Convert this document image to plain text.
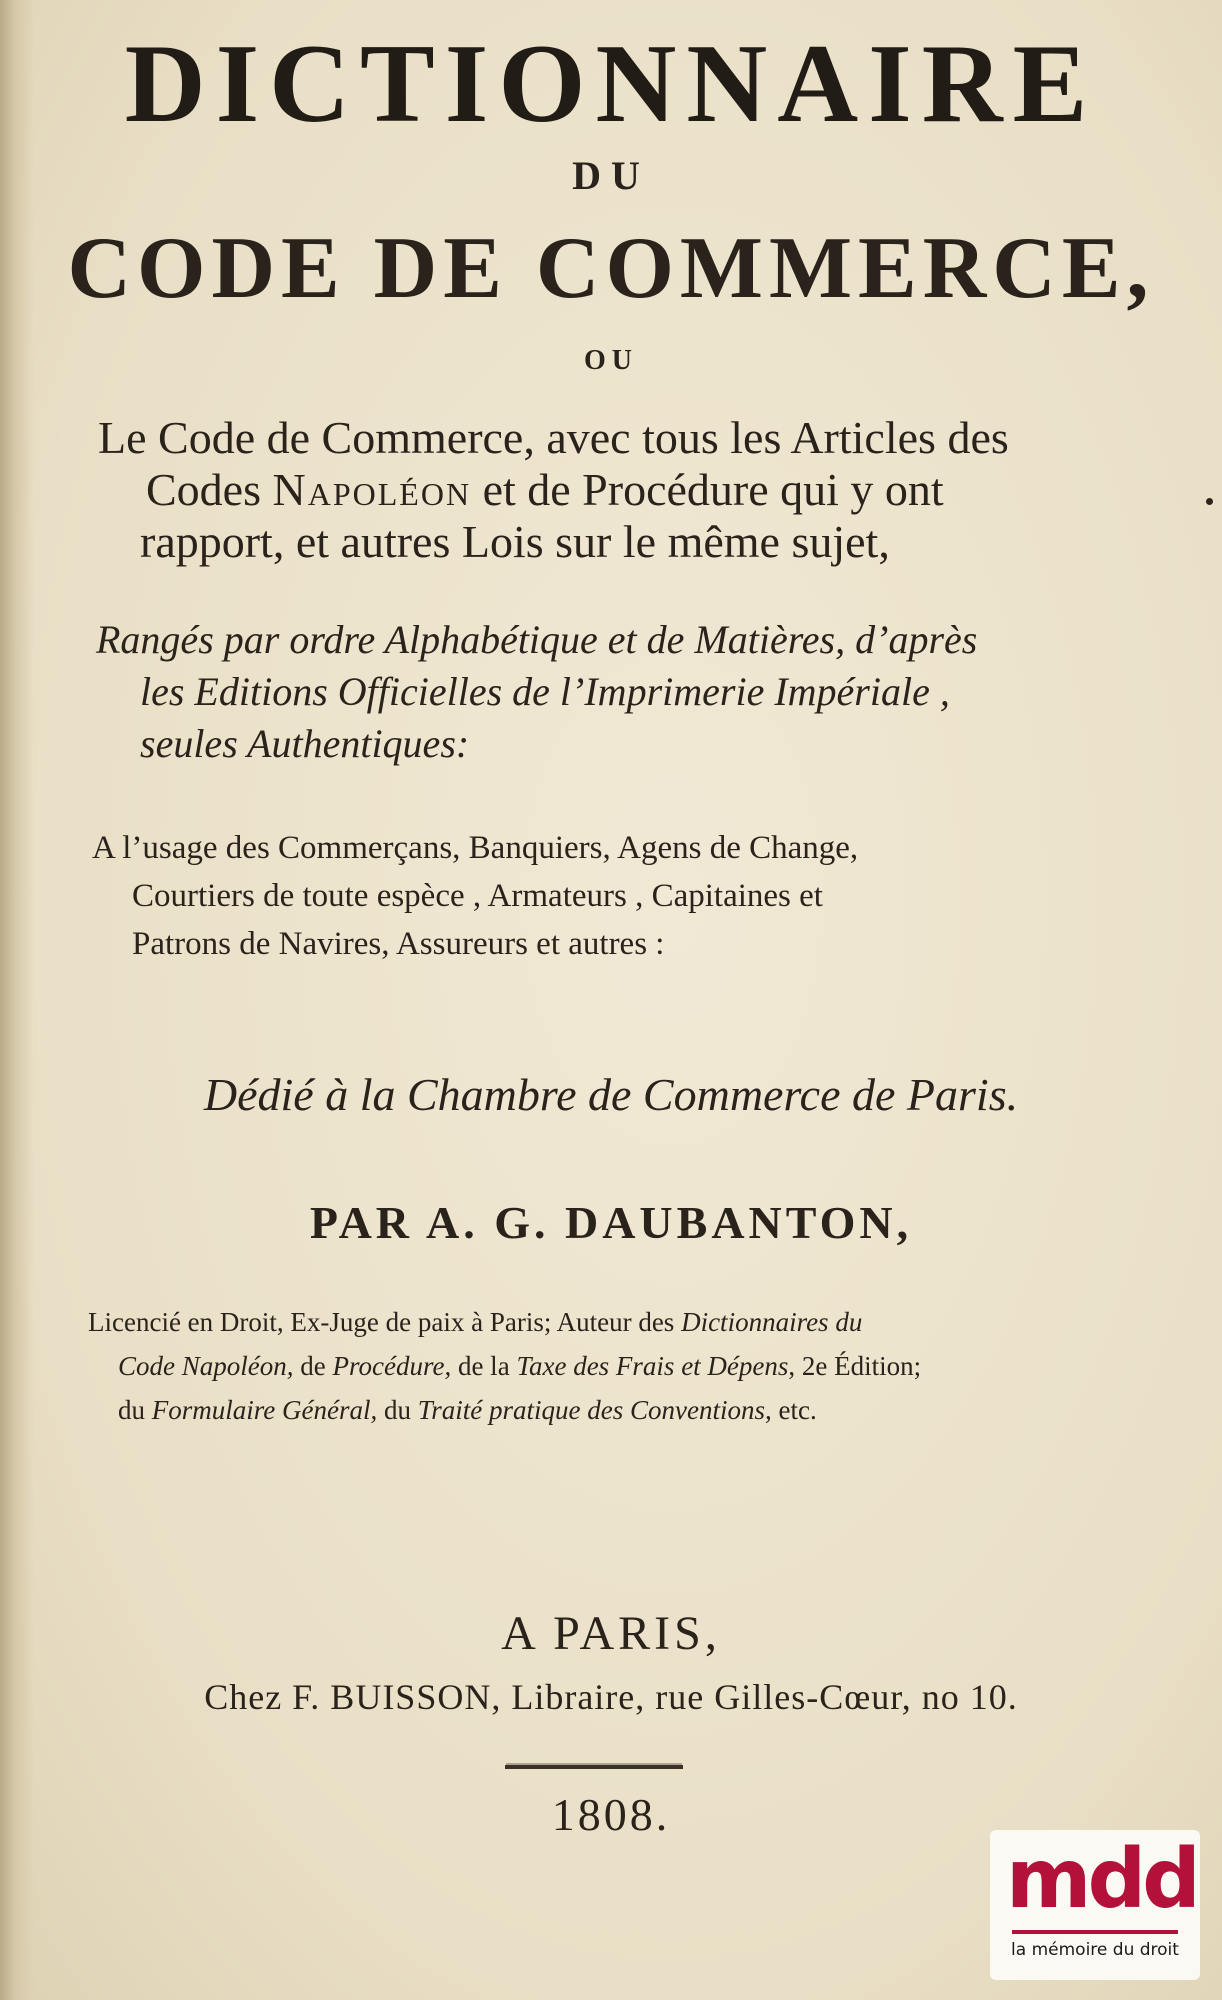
DICTIONNAIRE
DU
CODE DE COMMERCE,
OU
Le Code de Commerce, avec tous les Articles des
Codes Napoléon et de Procédure qui y ont
rapport, et autres Lois sur le même sujet,
Rangés par ordre Alphabétique et de Matières, d’après
les Editions Officielles de l’Imprimerie Impériale ,
seules Authentiques:
A l’usage des Commerçans, Banquiers, Agens de Change,
Courtiers de toute espèce , Armateurs , Capitaines et
Patrons de Navires, Assureurs et autres :
Dédié à la Chambre de Commerce de Paris.
PAR A. G. DAUBANTON,
Licencié en Droit, Ex-Juge de paix à Paris; Auteur des Dictionnaires du
Code Napoléon, de Procédure, de la Taxe des Frais et Dépens, 2e Édition;
du Formulaire Général, du Traité pratique des Conventions, etc.
A PARIS,
Chez F. BUISSON, Libraire, rue Gilles-Cœur, no 10.
1808.
mdd
la mémoire du droit
